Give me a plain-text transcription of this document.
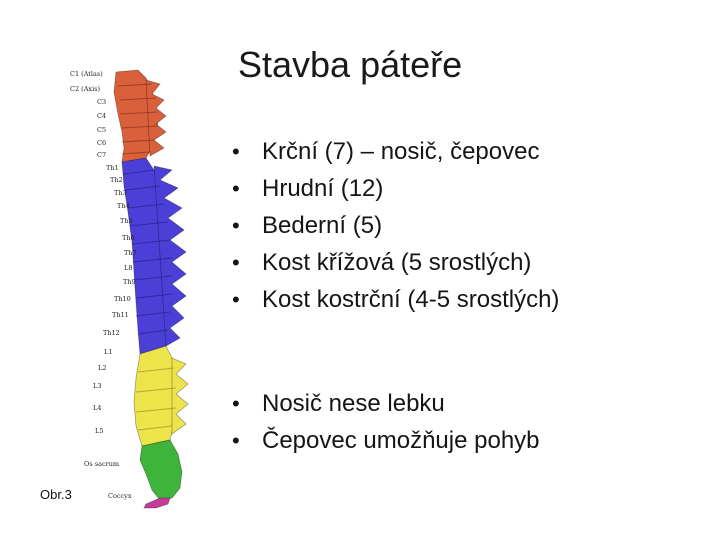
Stavba páteře
• Krční (7) – nosič, čepovec
• Hrudní (12)
• Bederní (5)
• Kost křížová (5 srostlých)
• Kost kostrční (4-5 srostlých)
• Nosič nese lebku
• Čepovec umožňuje pohyb
C1 (Atlas)
C2 (Axis)
C3
C4
C5
C6
C7
Th1
Th2
Th3
Th4
Th5
Th6
Th7
L8
Th9
Th10
Th11
Th12
L1
L2
L3
L4
L5
Os sacrum
Coccyx
Obr.3
